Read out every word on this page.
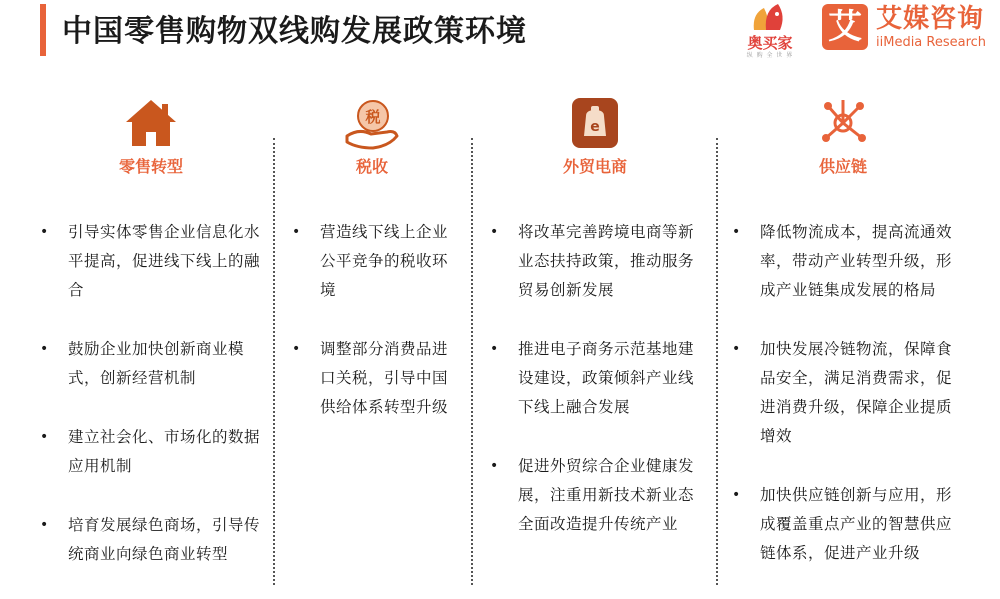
中国零售购物双线购发展政策环境	奥买家
纵 购 全 世 界
艾 艾媒咨询
iiMedia Research
零售转型
• 引导实体零售企业信息化水平提高，促进线下线上的融合
• 鼓励企业加快创新商业模式，创新经营机制
• 建立社会化、市场化的数据应用机制
• 培育发展绿色商场，引导传统商业向绿色商业转型
税
税收
• 营造线下线上企业公平竞争的税收环境
• 调整部分消费品进口关税，引导中国供给体系转型升级
e
外贸电商
• 将改革完善跨境电商等新业态扶持政策，推动服务贸易创新发展
• 推进电子商务示范基地建设建设，政策倾斜产业线下线上融合发展
• 促进外贸综合企业健康发展，注重用新技术新业态全面改造提升传统产业
供应链
• 降低物流成本，提高流通效率，带动产业转型升级，形成产业链集成发展的格局
• 加快发展冷链物流，保障食品安全，满足消费需求，促进消费升级，保障企业提质增效
• 加快供应链创新与应用，形成覆盖重点产业的智慧供应链体系，促进产业升级
